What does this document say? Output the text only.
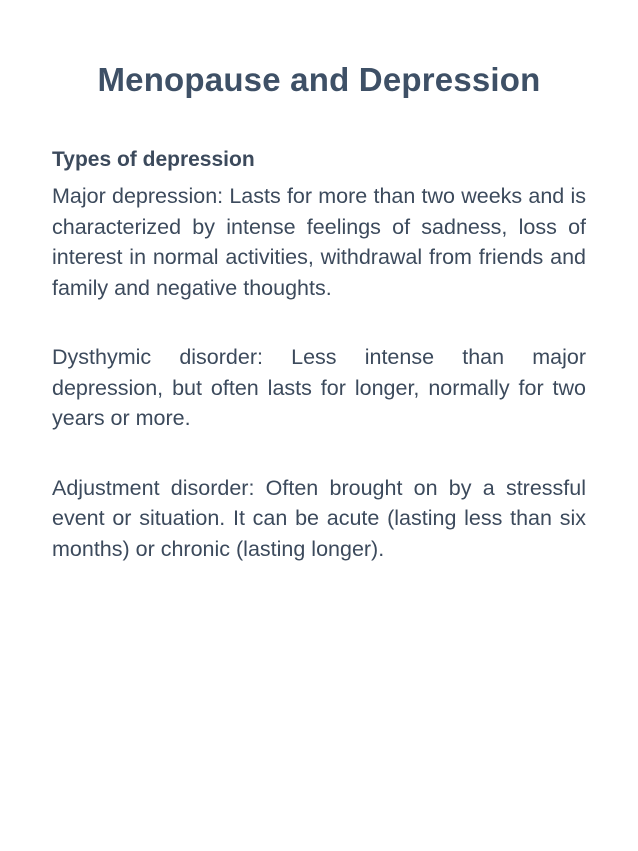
Menopause and Depression
Types of depression

Major depression: Lasts for more than two weeks and is characterized by intense feelings of sadness, loss of interest in normal activities, withdrawal from friends and family and negative thoughts.

Dysthymic disorder: Less intense than major depression, but often lasts for longer, normally for two years or more.

Adjustment disorder: Often brought on by a stressful event or situation. It can be acute (lasting less than six months) or chronic (lasting longer).
